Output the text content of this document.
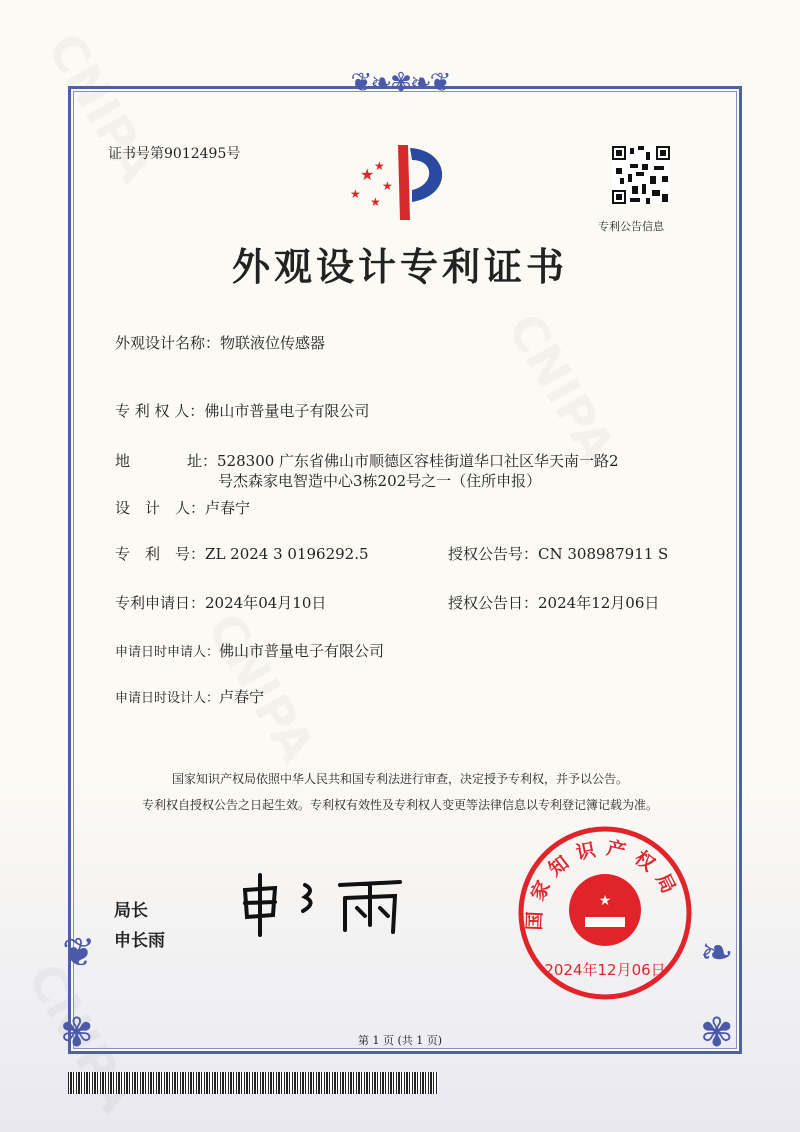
❦❧✾❧❦
❦	❧
✾	✾
证书号第9012495号
★ ★
★
★
★
专利公告信息
外观设计专利证书
外观设计名称：物联液位传感器
专 利 权 人：佛山市普量电子有限公司
地	址：528300 广东省佛山市顺德区容桂街道华口社区华天南一路2
号杰森家电智造中心3栋202号之一（住所申报）
设　计　人：卢春宁
专　利　号：ZL 2024 3 0196292.5	授权公告号：CN 308987911 S
专利申请日：2024年04月10日	授权公告日：2024年12月06日
申请日时申请人：佛山市普量电子有限公司
申请日时设计人：卢春宁
国家知识产权局依照中华人民共和国专利法进行审查，决定授予专利权，并予以公告。
专利权自授权公告之日起生效。专利权有效性及专利权人变更等法律信息以专利登记簿记载为准。
局长
申长雨
国家知识产权局
★
2024年12月06日
第 1 页 (共 1 页)
